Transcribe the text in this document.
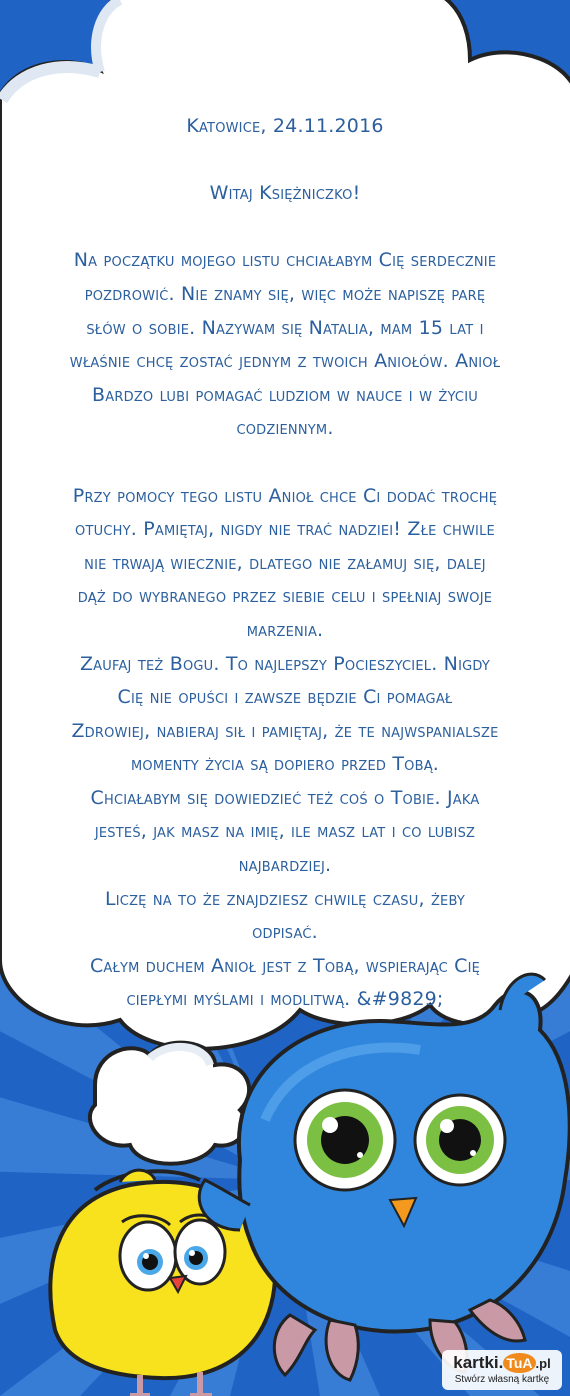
Katowice, 24.11.2016
Witaj Księżniczko!
Na początku mojego listu chciałabym Cię serdecznie
pozdrowić. Nie znamy się, więc może napiszę parę
słów o sobie. Nazywam się Natalia, mam 15 lat i
właśnie chcę zostać jednym z twoich Aniołów. Anioł
Bardzo lubi pomagać ludziom w nauce i w życiu
codziennym.
Przy pomocy tego listu Anioł chce Ci dodać trochę
otuchy. Pamiętaj, nigdy nie trać nadziei! Złe chwile
nie trwają wiecznie, dlatego nie załamuj się, dalej
dąż do wybranego przez siebie celu i spełniaj swoje
marzenia.
Zaufaj też Bogu. To najlepszy Pocieszyciel. Nigdy
Cię nie opuści i zawsze będzie Ci pomagał
Zdrowiej, nabieraj sił i pamiętaj, że te najwspanialsze
momenty życia są dopiero przed Tobą.
Chciałabym się dowiedzieć też coś o Tobie. Jaka
jesteś, jak masz na imię, ile masz lat i co lubisz
najbardziej.
Liczę na to że znajdziesz chwilę czasu, żeby
odpisać.
Całym duchem Anioł jest z Tobą, wspierając Cię
ciepłymi myślami i modlitwą. &#9829;
kartki. TuA .pl
Stwórz własną kartkę
